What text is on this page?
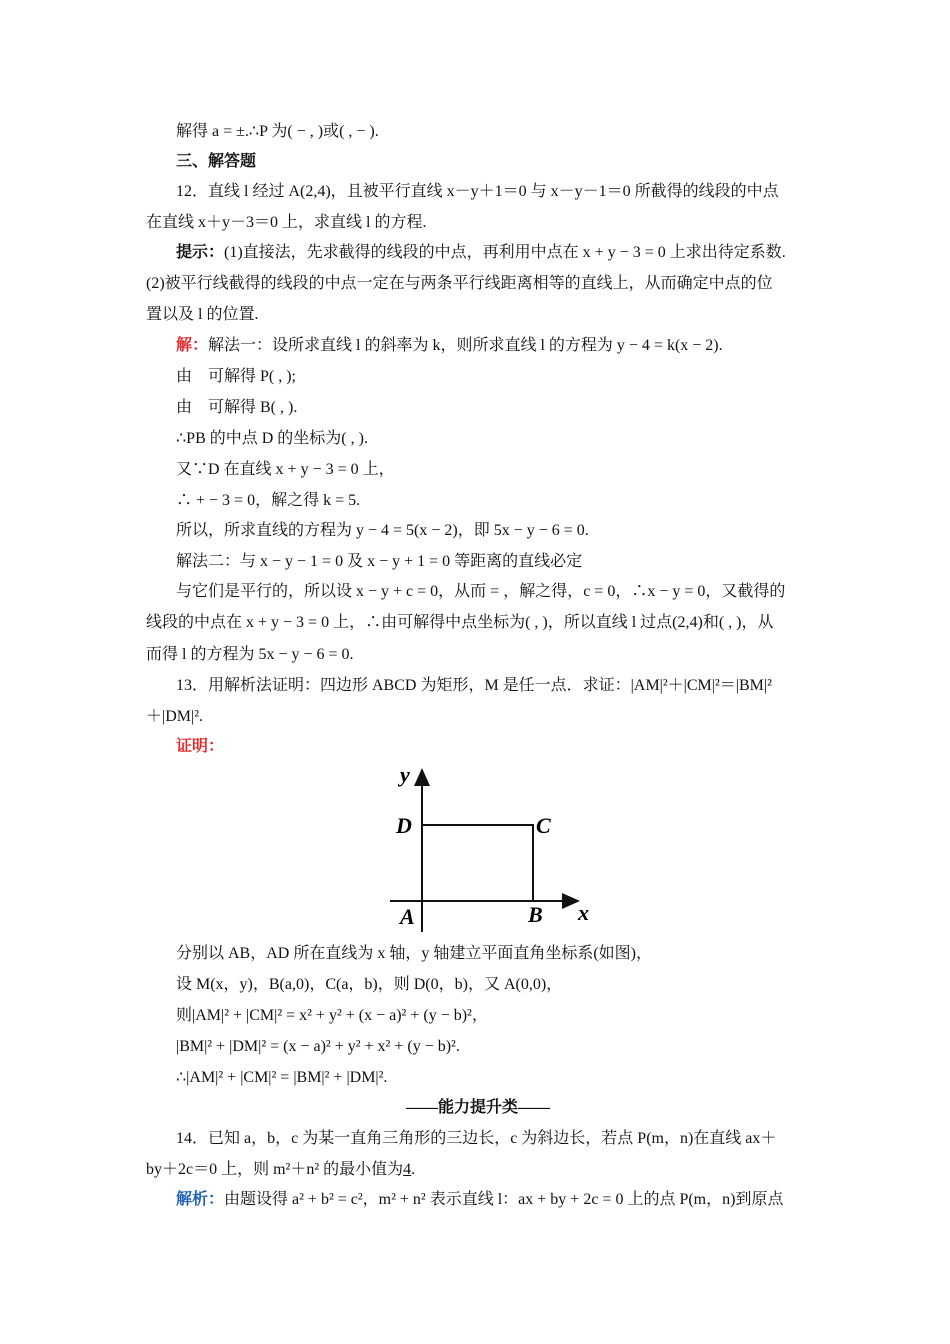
解得 a = ±.∴P 为( − , )或( , − ).
三、解答题
12．直线 l 经过 A(2,4)，且被平行直线 x－y＋1＝0 与 x－y－1＝0 所截得的线段的中点
在直线 x＋y－3＝0 上，求直线 l 的方程.
提示：(1)直接法，先求截得的线段的中点，再利用中点在 x + y − 3 = 0 上求出待定系数.
(2)被平行线截得的线段的中点一定在与两条平行线距离相等的直线上，从而确定中点的位
置以及 l 的位置.
解：解法一：设所求直线 l 的斜率为 k，则所求直线 l 的方程为 y − 4 = k(x − 2).
由　可解得 P( , );
由　可解得 B( , ).
∴PB 的中点 D 的坐标为( , ).
又∵D 在直线 x + y − 3 = 0 上，
∴ + − 3 = 0，解之得 k = 5.
所以，所求直线的方程为 y − 4 = 5(x − 2)，即 5x − y − 6 = 0.
解法二：与 x − y − 1 = 0 及 x − y + 1 = 0 等距离的直线必定
与它们是平行的，所以设 x − y + c = 0，从而 = ，解之得，c = 0，∴x − y = 0，又截得的
线段的中点在 x + y − 3 = 0 上，∴由可解得中点坐标为( , )，所以直线 l 过点(2,4)和( , )，从
而得 l 的方程为 5x − y − 6 = 0.
13．用解析法证明：四边形 ABCD 为矩形，M 是任一点．求证：|AM|²＋|CM|²＝|BM|²
＋|DM|².
证明：
y
x
D	C
A	B
分别以 AB，AD 所在直线为 x 轴，y 轴建立平面直角坐标系(如图)，
设 M(x，y)，B(a,0)，C(a，b)，则 D(0，b)，又 A(0,0)，
则|AM|² + |CM|² = x² + y² + (x − a)² + (y − b)²，
|BM|² + |DM|² = (x − a)² + y² + x² + (y − b)².
∴|AM|² + |CM|² = |BM|² + |DM|².
——能力提升类——
14．已知 a，b，c 为某一直角三角形的三边长，c 为斜边长，若点 P(m，n)在直线 ax＋
by＋2c＝0 上，则 m²＋n² 的最小值为4.
解析：由题设得 a² + b² = c²，m² + n² 表示直线 l：ax + by + 2c = 0 上的点 P(m，n)到原点
